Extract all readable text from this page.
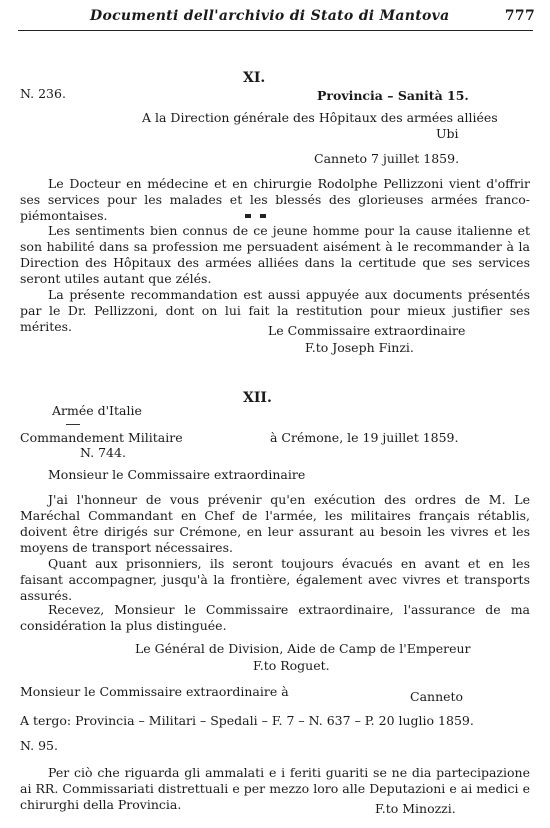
Documenti dell'archivio di Stato di Mantova	777
XI.
N. 236.	Provincia – Sanità 15.
A la Direction générale des Hôpitaux des armées alliées
Ubi
Canneto 7 juillet 1859.
Le Docteur en médecine et en chirurgie Rodolphe Pellizzoni vient d'offrir ses services pour les malades et les blessés des glorieuses armées franco-piémontaises.
Les sentiments bien connus de ce jeune homme pour la cause italienne et son habilité dans sa profession me persuadent aisément à le recommander à la Direction des Hôpitaux des armées alliées dans la certitude que ses services seront utiles autant que zélés.
La présente recommandation est aussi appuyée aux documents présentés par le Dr. Pellizzoni, dont on lui fait la restitution pour mieux justifier ses mérites.	Le Commissaire extraordinaire
F.to Joseph Finzi.
XII.
Armée d'Italie
Commandement Militaire	à Crémone, le 19 juillet 1859.
N. 744.
Monsieur le Commissaire extraordinaire
J'ai l'honneur de vous prévenir qu'en exécution des ordres de M. Le Maréchal Commandant en Chef de l'armée, les militaires français rétablis, doivent être dirigés sur Crémone, en leur assurant au besoin les vivres et les moyens de transport nécessaires.
Quant aux prisonniers, ils seront toujours évacués en avant et en les faisant accompagner, jusqu'à la frontière, également avec vivres et transports assurés.
Recevez, Monsieur le Commissaire extraordinaire, l'assurance de ma considération la plus distinguée.
Le Général de Division, Aide de Camp de l'Empereur
F.to Roguet.
Monsieur le Commissaire extraordinaire à	Canneto
A tergo: Provincia – Militari – Spedali – F. 7 – N. 637 – P. 20 luglio 1859.
N. 95.
Per ciò che riguarda gli ammalati e i feriti guariti se ne dia partecipazione ai RR. Commissariati distrettuali e per mezzo loro alle Deputazioni e ai medici e chirurghi della Provincia.	F.to Minozzi.
